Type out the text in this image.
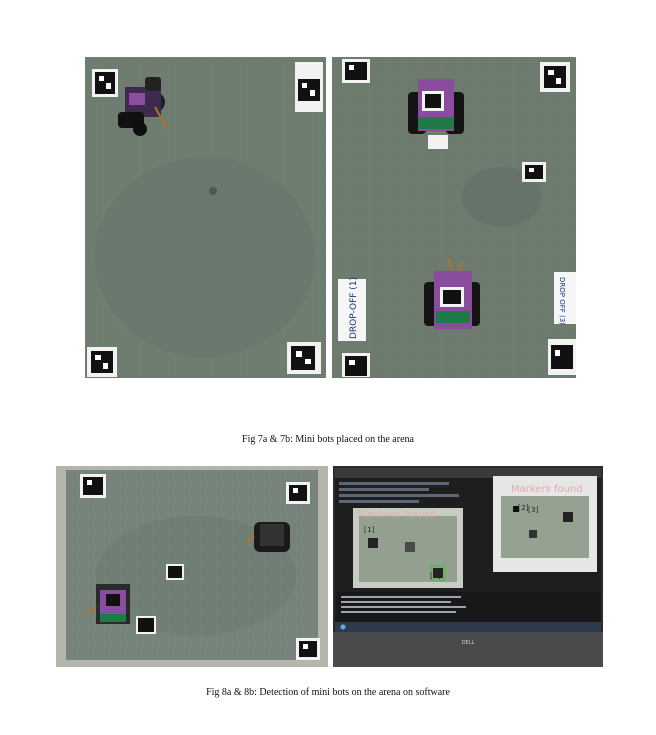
DROP-OFF (1)	DROP OFF (3)
Fig 7a & 7b: Mini bots placed on the arena
Markers found
Markers found
[1]
[2]
[3]
[4]
DELL
Fig 8a & 8b: Detection of mini bots on the arena on software
